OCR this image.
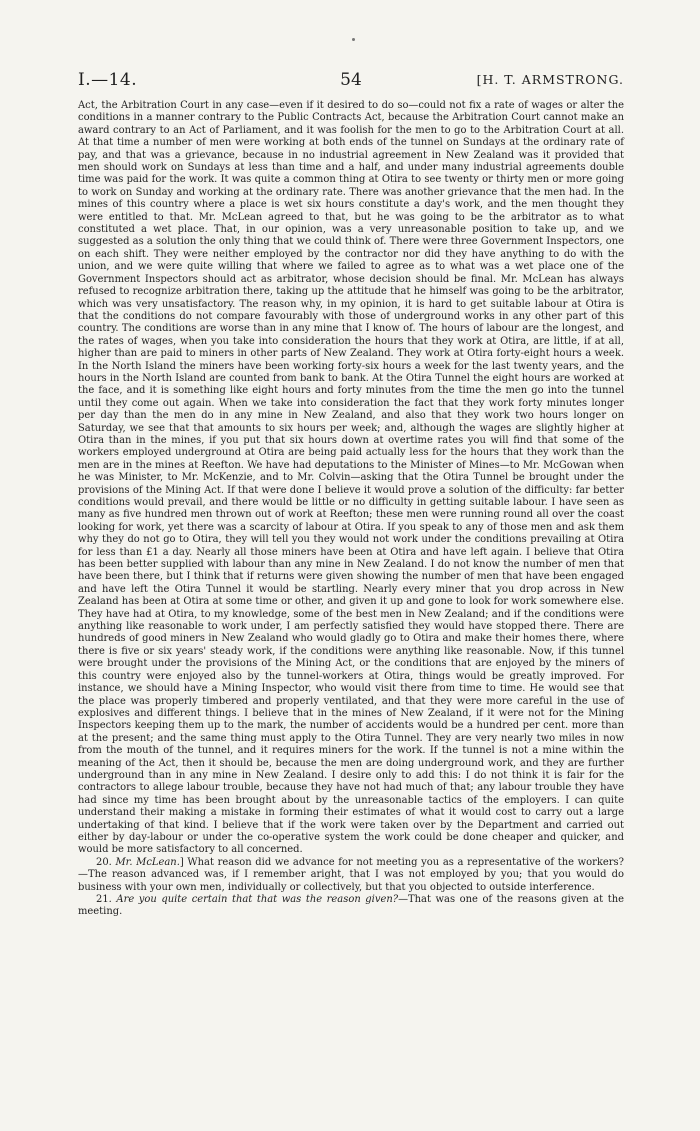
I.—14.	54	[H. T. ARMSTRONG.

Act, the Arbitration Court in any case—even if it desired to do so—could not fix a rate of wages or alter the conditions in a manner contrary to the Public Contracts Act, because the Arbitration Court cannot make an award contrary to an Act of Parliament, and it was foolish for the men to go to the Arbitration Court at all. At that time a number of men were working at both ends of the tunnel on Sundays at the ordinary rate of pay, and that was a grievance, because in no industrial agreement in New Zealand was it provided that men should work on Sundays at less than time and a half, and under many industrial agreements double time was paid for the work. It was quite a common thing at Otira to see twenty or thirty men or more going to work on Sunday and working at the ordinary rate. There was another grievance that the men had. In the mines of this country where a place is wet six hours constitute a day's work, and the men thought they were entitled to that. Mr. McLean agreed to that, but he was going to be the arbitrator as to what constituted a wet place. That, in our opinion, was a very unreasonable position to take up, and we suggested as a solution the only thing that we could think of. There were three Government Inspectors, one on each shift. They were neither employed by the contractor nor did they have anything to do with the union, and we were quite willing that where we failed to agree as to what was a wet place one of the Government Inspectors should act as arbitrator, whose decision should be final. Mr. McLean has always refused to recognize arbitration there, taking up the attitude that he himself was going to be the arbitrator, which was very unsatisfactory. The reason why, in my opinion, it is hard to get suitable labour at Otira is that the conditions do not compare favourably with those of underground works in any other part of this country. The conditions are worse than in any mine that I know of. The hours of labour are the longest, and the rates of wages, when you take into consideration the hours that they work at Otira, are little, if at all, higher than are paid to miners in other parts of New Zealand. They work at Otira forty-eight hours a week. In the North Island the miners have been working forty-six hours a week for the last twenty years, and the hours in the North Island are counted from bank to bank. At the Otira Tunnel the eight hours are worked at the face, and it is something like eight hours and forty minutes from the time the men go into the tunnel until they come out again. When we take into consideration the fact that they work forty minutes longer per day than the men do in any mine in New Zealand, and also that they work two hours longer on Saturday, we see that that amounts to six hours per week; and, although the wages are slightly higher at Otira than in the mines, if you put that six hours down at overtime rates you will find that some of the workers employed underground at Otira are being paid actually less for the hours that they work than the men are in the mines at Reefton. We have had deputations to the Minister of Mines—to Mr. McGowan when he was Minister, to Mr. McKenzie, and to Mr. Colvin—asking that the Otira Tunnel be brought under the provisions of the Mining Act. If that were done I believe it would prove a solution of the difficulty: far better conditions would prevail, and there would be little or no difficulty in getting suitable labour. I have seen as many as five hundred men thrown out of work at Reefton; these men were running round all over the coast looking for work, yet there was a scarcity of labour at Otira. If you speak to any of those men and ask them why they do not go to Otira, they will tell you they would not work under the conditions prevailing at Otira for less than £1 a day. Nearly all those miners have been at Otira and have left again. I believe that Otira has been better supplied with labour than any mine in New Zealand. I do not know the number of men that have been there, but I think that if returns were given showing the number of men that have been engaged and have left the Otira Tunnel it would be startling. Nearly every miner that you drop across in New Zealand has been at Otira at some time or other, and given it up and gone to look for work somewhere else. They have had at Otira, to my knowledge, some of the best men in New Zealand; and if the conditions were anything like reasonable to work under, I am perfectly satisfied they would have stopped there. There are hundreds of good miners in New Zealand who would gladly go to Otira and make their homes there, where there is five or six years' steady work, if the conditions were anything like reasonable. Now, if this tunnel were brought under the provisions of the Mining Act, or the conditions that are enjoyed by the miners of this country were enjoyed also by the tunnel-workers at Otira, things would be greatly improved. For instance, we should have a Mining Inspector, who would visit there from time to time. He would see that the place was properly timbered and properly ventilated, and that they were more careful in the use of explosives and different things. I believe that in the mines of New Zealand, if it were not for the Mining Inspectors keeping them up to the mark, the number of accidents would be a hundred per cent. more than at the present; and the same thing must apply to the Otira Tunnel. They are very nearly two miles in now from the mouth of the tunnel, and it requires miners for the work. If the tunnel is not a mine within the meaning of the Act, then it should be, because the men are doing underground work, and they are further underground than in any mine in New Zealand. I desire only to add this: I do not think it is fair for the contractors to allege labour trouble, because they have not had much of that; any labour trouble they have had since my time has been brought about by the unreasonable tactics of the employers. I can quite understand their making a mistake in forming their estimates of what it would cost to carry out a large undertaking of that kind. I believe that if the work were taken over by the Department and carried out either by day-labour or under the co-operative system the work could be done cheaper and quicker, and would be more satisfactory to all concerned.

20. Mr. McLean.] What reason did we advance for not meeting you as a representative of the workers?—The reason advanced was, if I remember aright, that I was not employed by you; that you would do business with your own men, individually or collectively, but that you objected to outside interference.

21. Are you quite certain that that was the reason given?—That was one of the reasons given at the meeting.
